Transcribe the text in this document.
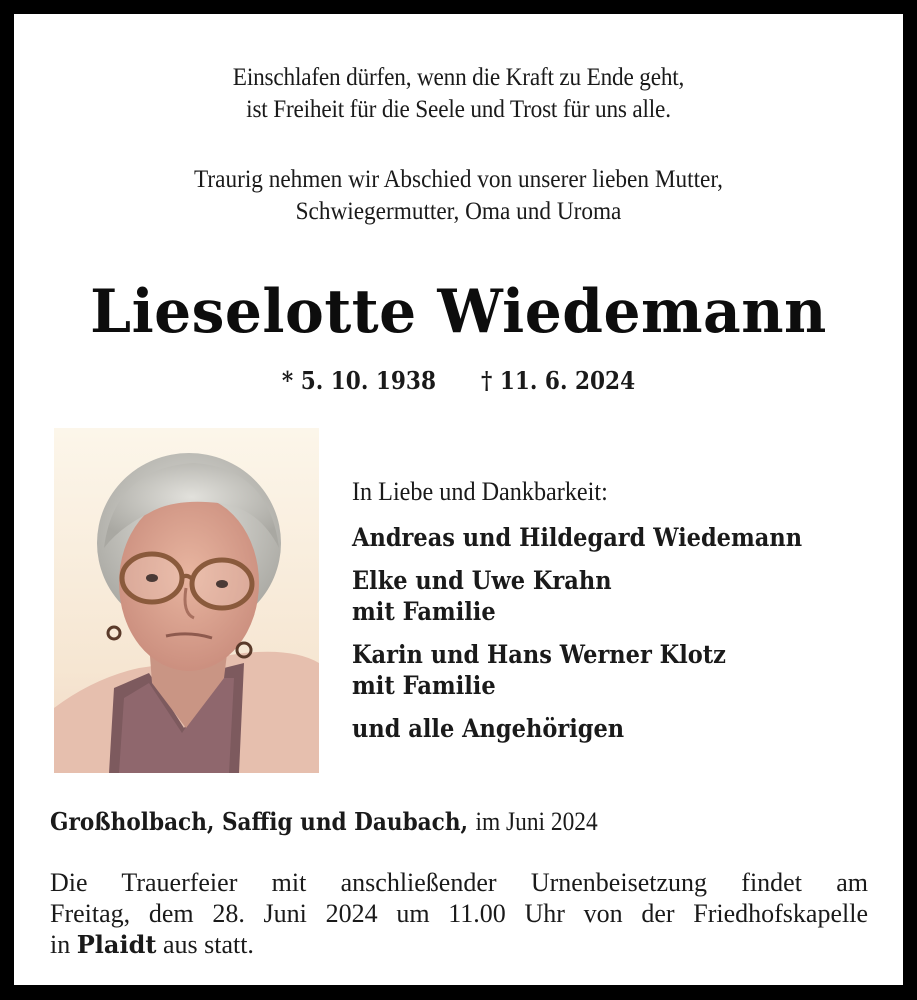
Einschlafen dürfen, wenn die Kraft zu Ende geht,
ist Freiheit für die Seele und Trost für uns alle.
Traurig nehmen wir Abschied von unserer lieben Mutter,
Schwiegermutter, Oma und Uroma
Lieselotte Wiedemann
* 5. 10. 1938 † 11. 6. 2024
In Liebe und Dankbarkeit:
Andreas und Hildegard Wiedemann
Elke und Uwe Krahn
mit Familie
Karin und Hans Werner Klotz
mit Familie
und alle Angehörigen
Großholbach, Saffig und Daubach, im Juni 2024
Die Trauerfeier mit anschließender Urnenbeisetzung findet am
Freitag, dem 28. Juni 2024 um 11.00 Uhr von der Friedhofskapelle
in Plaidt aus statt.
